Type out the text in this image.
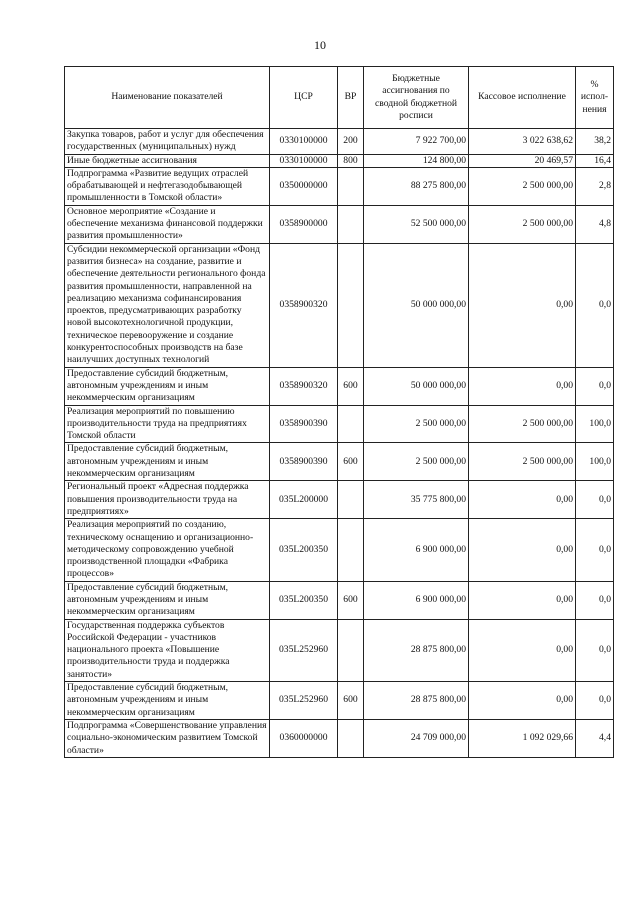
10
Наименование показателей	ЦСР	ВР	Бюджетные ассигнования по сводной бюджетной росписи	Кассовое исполнение	% испол-нения
Закупка товаров, работ и услуг для обеспечения государственных (муниципальных) нужд	0330100000	200	7 922 700,00	3 022 638,62	38,2
Иные бюджетные ассигнования	0330100000	800	124 800,00	20 469,57	16,4
Подпрограмма «Развитие ведущих отраслей обрабатывающей и нефтегазодобывающей промышленности в Томской области»	0350000000		88 275 800,00	2 500 000,00	2,8
Основное мероприятие «Создание и обеспечение механизма финансовой поддержки развития промышленности»	0358900000		52 500 000,00	2 500 000,00	4,8
Субсидии некоммерческой организации «Фонд развития бизнеса» на создание, развитие и обеспечение деятельности регионального фонда развития промышленности, направленной на реализацию механизма софинансирования проектов, предусматривающих разработку новой высокотехнологичной продукции, техническое перевооружение и создание конкурентоспособных производств на базе наилучших доступных технологий	0358900320		50 000 000,00	0,00	0,0
Предоставление субсидий бюджетным, автономным учреждениям и иным некоммерческим организациям	0358900320	600	50 000 000,00	0,00	0,0
Реализация мероприятий по повышению производительности труда на предприятиях Томской области	0358900390		2 500 000,00	2 500 000,00	100,0
Предоставление субсидий бюджетным, автономным учреждениям и иным некоммерческим организациям	0358900390	600	2 500 000,00	2 500 000,00	100,0
Региональный проект «Адресная поддержка повышения производительности труда на предприятиях»	035L200000		35 775 800,00	0,00	0,0
Реализация мероприятий по созданию, техническому оснащению и организационно-методическому сопровождению учебной производственной площадки «Фабрика процессов»	035L200350		6 900 000,00	0,00	0,0
Предоставление субсидий бюджетным, автономным учреждениям и иным некоммерческим организациям	035L200350	600	6 900 000,00	0,00	0,0
Государственная поддержка субъектов Российской Федерации - участников национального проекта «Повышение производительности труда и поддержка занятости»	035L252960		28 875 800,00	0,00	0,0
Предоставление субсидий бюджетным, автономным учреждениям и иным некоммерческим организациям	035L252960	600	28 875 800,00	0,00	0,0
Подпрограмма «Совершенствование управления социально-экономическим развитием Томской области»	0360000000		24 709 000,00	1 092 029,66	4,4
